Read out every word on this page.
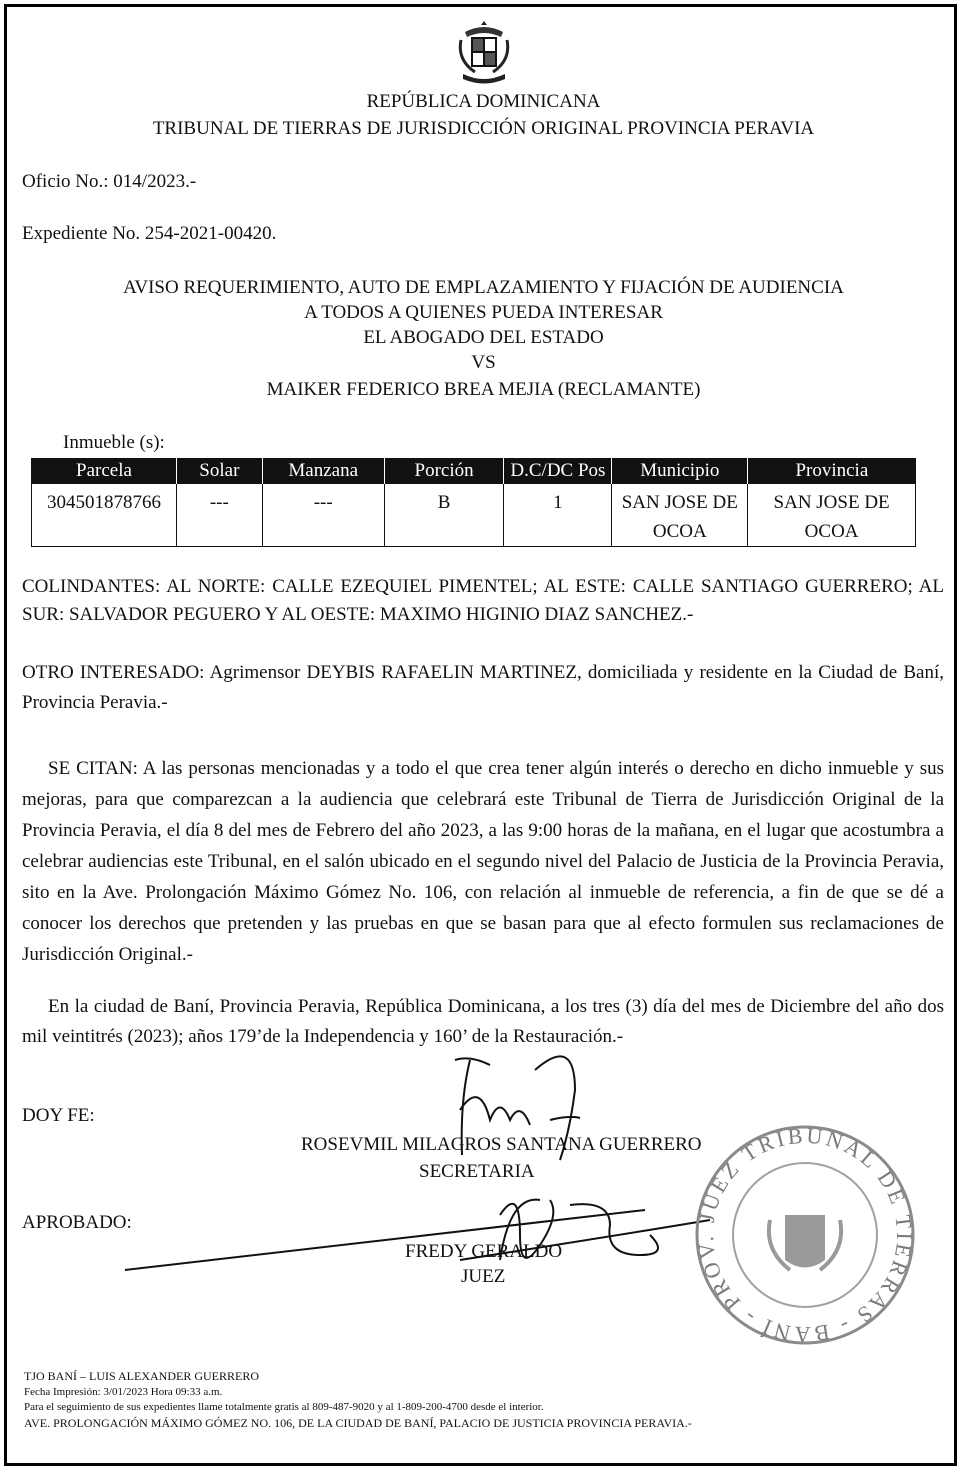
REPÚBLICA DOMINICANA
TRIBUNAL DE TIERRAS DE JURISDICCIÓN ORIGINAL PROVINCIA PERAVIA
Oficio No.: 014/2023.-
Expediente No. 254-2021-00420.
AVISO REQUERIMIENTO, AUTO DE EMPLAZAMIENTO Y FIJACIÓN DE AUDIENCIA
A TODOS A QUIENES PUEDA INTERESAR
EL ABOGADO DEL ESTADO
VS
MAIKER FEDERICO BREA MEJIA (RECLAMANTE)
Inmueble (s):
Parcela	Solar	Manzana	Porción	D.C/DC Pos	Municipio	Provincia
304501878766	---	---	B	1	SAN JOSE DE OCOA	SAN JOSE DE OCOA
COLINDANTES: AL NORTE: CALLE EZEQUIEL PIMENTEL; AL ESTE: CALLE SANTIAGO GUERRERO; AL SUR: SALVADOR PEGUERO Y AL OESTE: MAXIMO HIGINIO DIAZ SANCHEZ.-
OTRO INTERESADO: Agrimensor DEYBIS RAFAELIN MARTINEZ, domiciliada y residente en la Ciudad de Baní, Provincia Peravia.-
SE CITAN: A las personas mencionadas y a todo el que crea tener algún interés o derecho en dicho inmueble y sus mejoras, para que comparezcan a la audiencia que celebrará este Tribunal de Tierra de Jurisdicción Original de la Provincia Peravia, el día 8 del mes de Febrero del año 2023, a las 9:00 horas de la mañana, en el lugar que acostumbra a celebrar audiencias este Tribunal, en el salón ubicado en el segundo nivel del Palacio de Justicia de la Provincia Peravia, sito en la Ave. Prolongación Máximo Gómez No. 106, con relación al inmueble de referencia, a fin de que se dé a conocer los derechos que pretenden y las pruebas en que se basan para que al efecto formulen sus reclamaciones de Jurisdicción Original.-
En la ciudad de Baní, Provincia Peravia, República Dominicana, a los tres (3) día del mes de Diciembre del año dos mil veintitrés (2023); años 179’de la Independencia y 160’ de la Restauración.-
DOY FE:
ROSEVMIL MILAGROS SANTANA GUERRERO
SECRETARIA
APROBADO:
FREDY GERALDO
JUEZ
JUEZ TRIBUNAL DE TIERRAS - BANÍ - PROV.
TJO BANÍ – LUIS ALEXANDER GUERRERO
Fecha Impresión: 3/01/2023 Hora 09:33 a.m.
Para el seguimiento de sus expedientes llame totalmente gratis al 809-487-9020 y al 1-809-200-4700 desde el interior.
AVE. PROLONGACIÓN MÁXIMO GÓMEZ NO. 106, DE LA CIUDAD DE BANÍ, PALACIO DE JUSTICIA PROVINCIA PERAVIA.-
